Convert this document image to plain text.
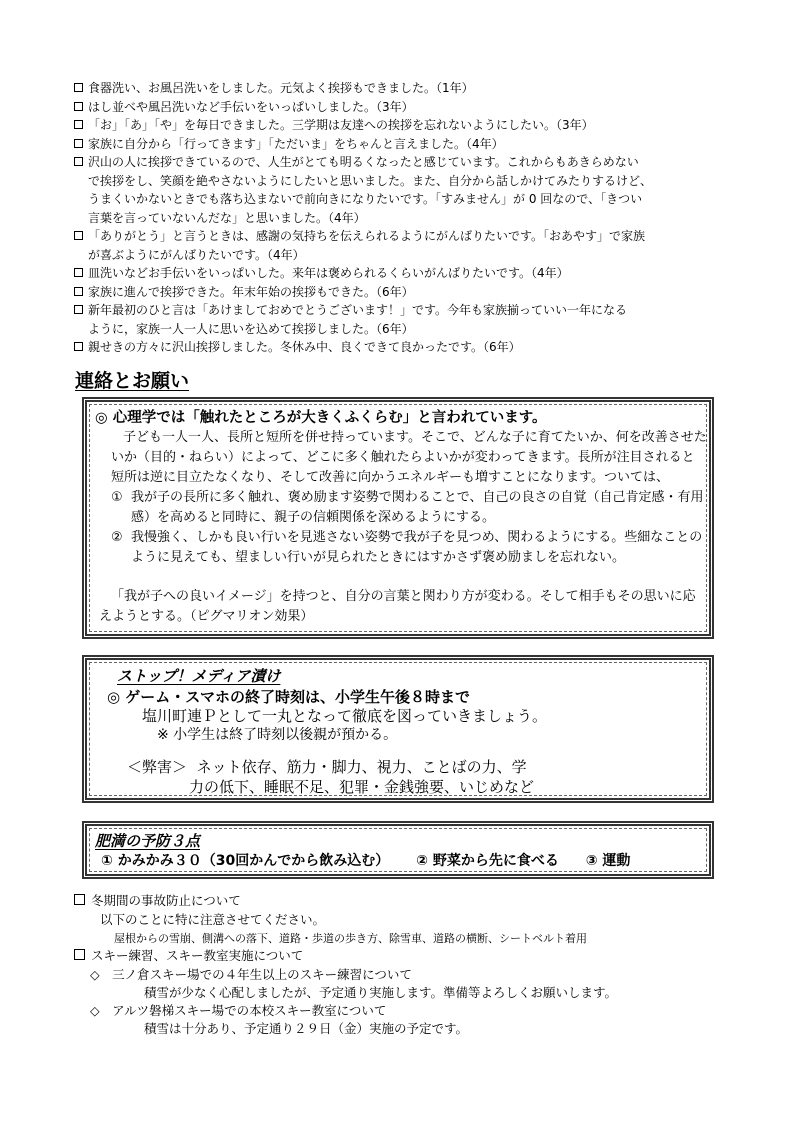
食器洗い、お風呂洗いをしました。元気よく挨拶もできました。（1年）
はし並べや風呂洗いなど手伝いをいっぱいしました。（3年）
「お」「あ」「や」を毎日できました。三学期は友達への挨拶を忘れないようにしたい。（3年）
家族に自分から「行ってきます」「ただいま」をちゃんと言えました。（4年）
沢山の人に挨拶できているので、人生がとても明るくなったと感じています。これからもあきらめない
で挨拶をし、笑顔を絶やさないようにしたいと思いました。また、自分から話しかけてみたりするけど、
うまくいかないときでも落ち込まないで前向きになりたいです。「すみません」が 0 回なので、「きつい
言葉を言っていないんだな」と思いました。（4年）
「ありがとう」と言うときは、感謝の気持ちを伝えられるようにがんばりたいです。「おあやす」で家族
が喜ぶようにがんばりたいです。（4年）
皿洗いなどお手伝いをいっぱいした。来年は褒められるくらいがんばりたいです。（4年）
家族に進んで挨拶できた。年末年始の挨拶もできた。（6年）
新年最初のひと言は「あけましておめでとうございます！」です。今年も家族揃っていい一年になる
ように，家族一人一人に思いを込めて挨拶しました。（6年）
親せきの方々に沢山挨拶しました。冬休み中、良くできて良かったです。（6年）
連絡とお願い
◎ 心理学では「触れたところが大きくふくらむ」と言われています。

子ども一人一人、長所と短所を併せ持っています。そこで、どんな子に育てたいか、何を改善させたいか（目的・ねらい）によって、どこに多く触れたらよいかが変わってきます。長所が注目されると短所は逆に目立たなくなり、そして改善に向かうエネルギーも増すことになります。ついては、

① 我が子の長所に多く触れ、褒め励ます姿勢で関わることで、自己の良さの自覚（自己肯定感・有用感）を高めると同時に、親子の信頼関係を深めるようにする。

② 我慢強く、しかも良い行いを見逃さない姿勢で我が子を見つめ、関わるようにする。些細なことのように見えても、望ましい行いが見られたときにはすかさず褒め励ましを忘れない。

「我が子への良いイメージ」を持つと、自分の言葉と関わり方が変わる。そして相手もその思いに応えようとする。（ピグマリオン効果）

ストップ！メディア漬け
◎ ゲーム・スマホの終了時刻は、小学生午後８時まで
塩川町連Ｐとして一丸となって徹底を図っていきましょう。
※ 小学生は終了時刻以後親が預かる。
＜弊害＞ ネット依存、筋力・脚力、視力、ことばの力、学
力の低下、睡眠不足、犯罪・金銭強要、いじめなど
肥満の予防３点
① かみかみ３０（30回かんでから飲み込む） ② 野菜から先に食べる ③ 運動
冬期間の事故防止について
以下のことに特に注意させてください。
屋根からの雪崩、側溝への落下、道路・歩道の歩き方、除雪車、道路の横断、シートベルト着用
スキー練習、スキー教室実施について
◇　三ノ倉スキー場での４年生以上のスキー練習について
積雪が少なく心配しましたが、予定通り実施します。準備等よろしくお願いします。
◇　アルツ磐梯スキー場での本校スキー教室について
積雪は十分あり、予定通り２９日（金）実施の予定です。
